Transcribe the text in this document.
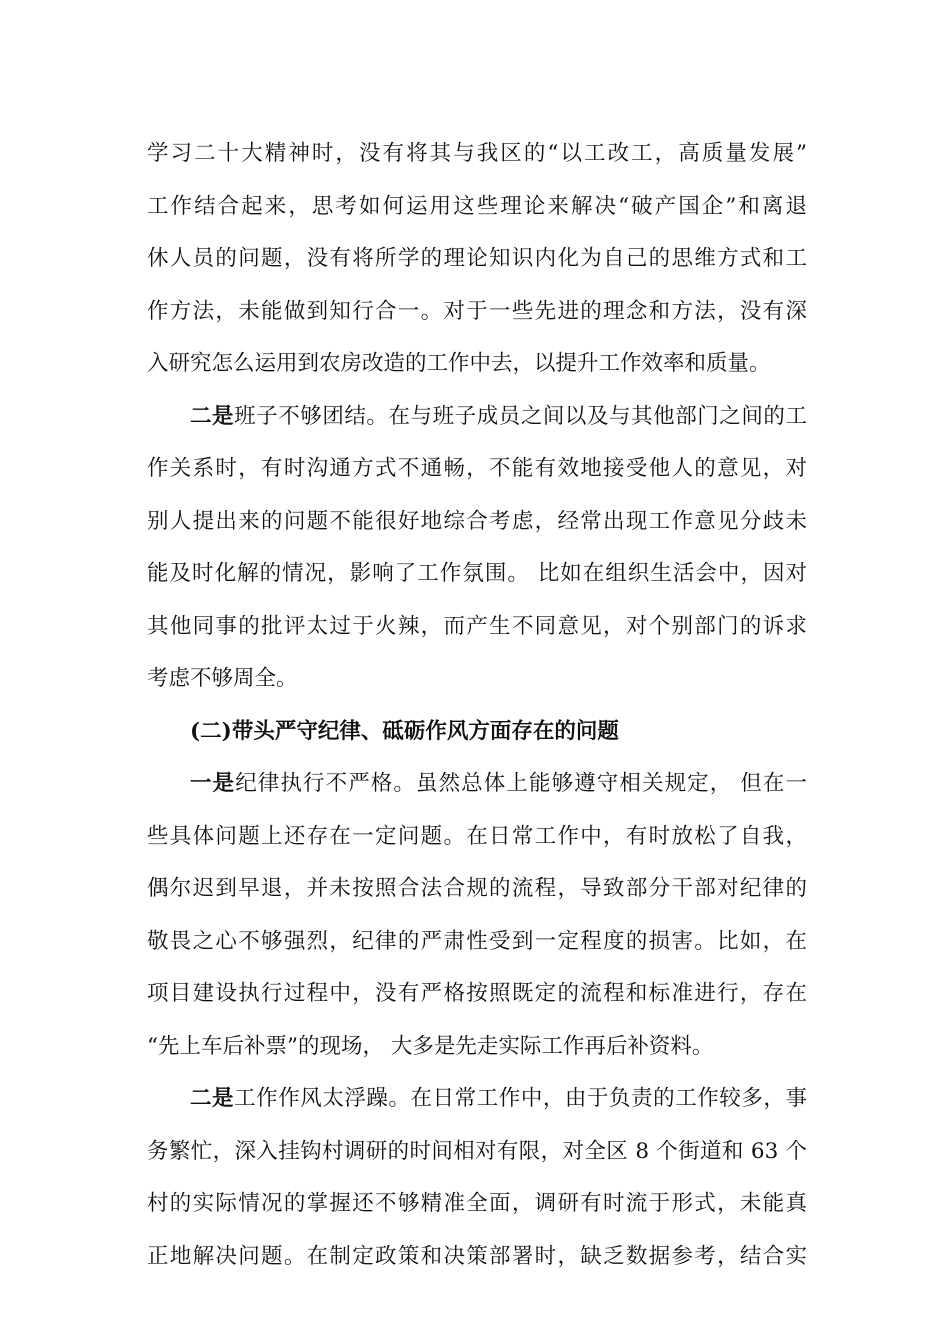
学习二十大精神时，没有将其与我区的“以工改工，高质量发展”
工作结合起来，思考如何运用这些理论来解决“破产国企”和离退
休人员的问题，没有将所学的理论知识内化为自己的思维方式和工
作方法，未能做到知行合一。对于一些先进的理念和方法，没有深
入研究怎么运用到农房改造的工作中去，以提升工作效率和质量。
二是班子不够团结。在与班子成员之间以及与其他部门之间的工
作关系时，有时沟通方式不通畅，不能有效地接受他人的意见，对
别人提出来的问题不能很好地综合考虑，经常出现工作意见分歧未
能及时化解的情况，影响了工作氛围。 比如在组织生活会中，因对
其他同事的批评太过于火辣，而产生不同意见，对个别部门的诉求
考虑不够周全。
(二)带头严守纪律、砥砺作风方面存在的问题
一是纪律执行不严格。虽然总体上能够遵守相关规定， 但在一
些具体问题上还存在一定问题。在日常工作中，有时放松了自我，
偶尔迟到早退，并未按照合法合规的流程，导致部分干部对纪律的
敬畏之心不够强烈，纪律的严肃性受到一定程度的损害。比如，在
项目建设执行过程中，没有严格按照既定的流程和标准进行，存在
“先上车后补票”的现场， 大多是先走实际工作再后补资料。
二是工作作风太浮躁。在日常工作中，由于负责的工作较多，事
务繁忙，深入挂钩村调研的时间相对有限，对全区 8 个街道和 63 个
村的实际情况的掌握还不够精准全面，调研有时流于形式，未能真
正地解决问题。在制定政策和决策部署时，缺乏数据参考，结合实
